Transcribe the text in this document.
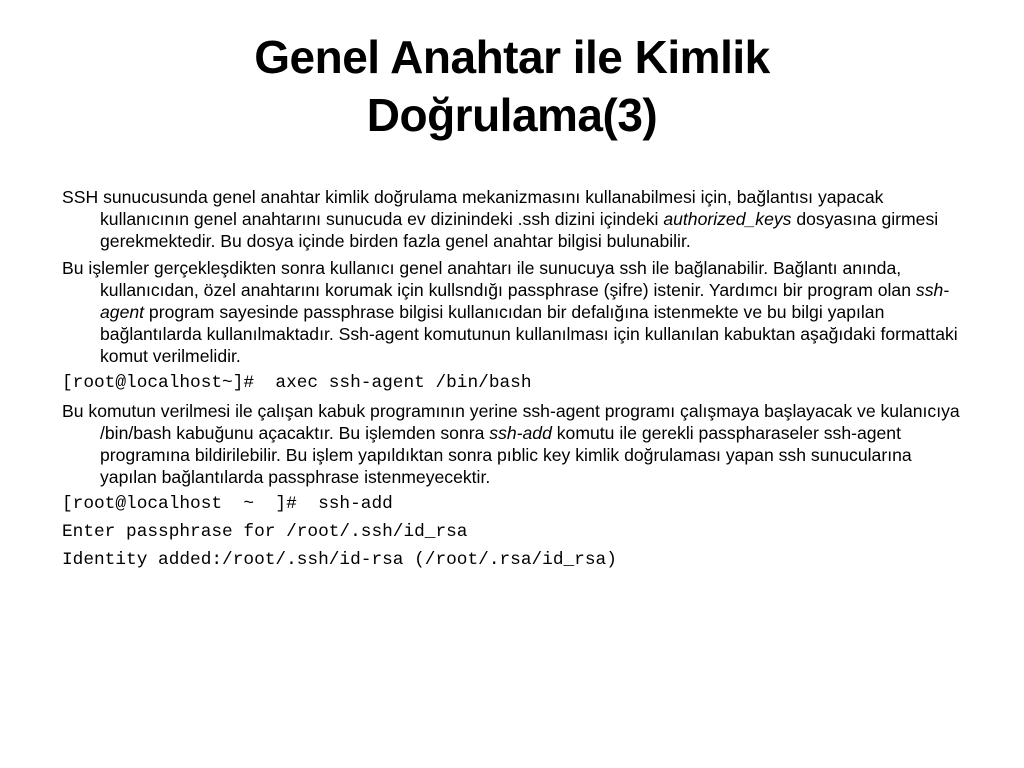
Genel Anahtar ile Kimlik
Doğrulama(3)

SSH sunucusunda genel anahtar kimlik doğrulama mekanizmasını kullanabilmesi için, bağlantısı yapacak kullanıcının genel anahtarını sunucuda ev dizinindeki .ssh dizini içindeki authorized_keys dosyasına girmesi gerekmektedir. Bu dosya içinde birden fazla genel anahtar bilgisi bulunabilir.

Bu işlemler gerçekleşdikten sonra kullanıcı genel anahtarı ile sunucuya ssh ile bağlanabilir. Bağlantı anında, kullanıcıdan, özel anahtarını korumak için kullsndığı passphrase (şifre) istenir. Yardımcı bir program olan ssh-agent program sayesinde passphrase bilgisi kullanıcıdan bir defalığına istenmekte ve bu bilgi yapılan bağlantılarda kullanılmaktadır. Ssh-agent komutunun kullanılması için kullanılan kabuktan aşağıdaki formattaki komut verilmelidir.

[root@localhost~]#  axec ssh-agent /bin/bash

Bu komutun verilmesi ile çalışan kabuk programının yerine ssh-agent programı çalışmaya başlayacak ve kulanıcıya /bin/bash kabuğunu açacaktır. Bu işlemden sonra ssh-add komutu ile gerekli passpharaseler ssh-agent programına bildirilebilir. Bu işlem yapıldıktan sonra pıblic key kimlik doğrulaması yapan ssh sunucularına yapılan bağlantılarda passphrase istenmeyecektir.

[root@localhost  ~  ]#  ssh-add
Enter passphrase for /root/.ssh/id_rsa
Identity added:/root/.ssh/id-rsa (/root/.rsa/id_rsa)
